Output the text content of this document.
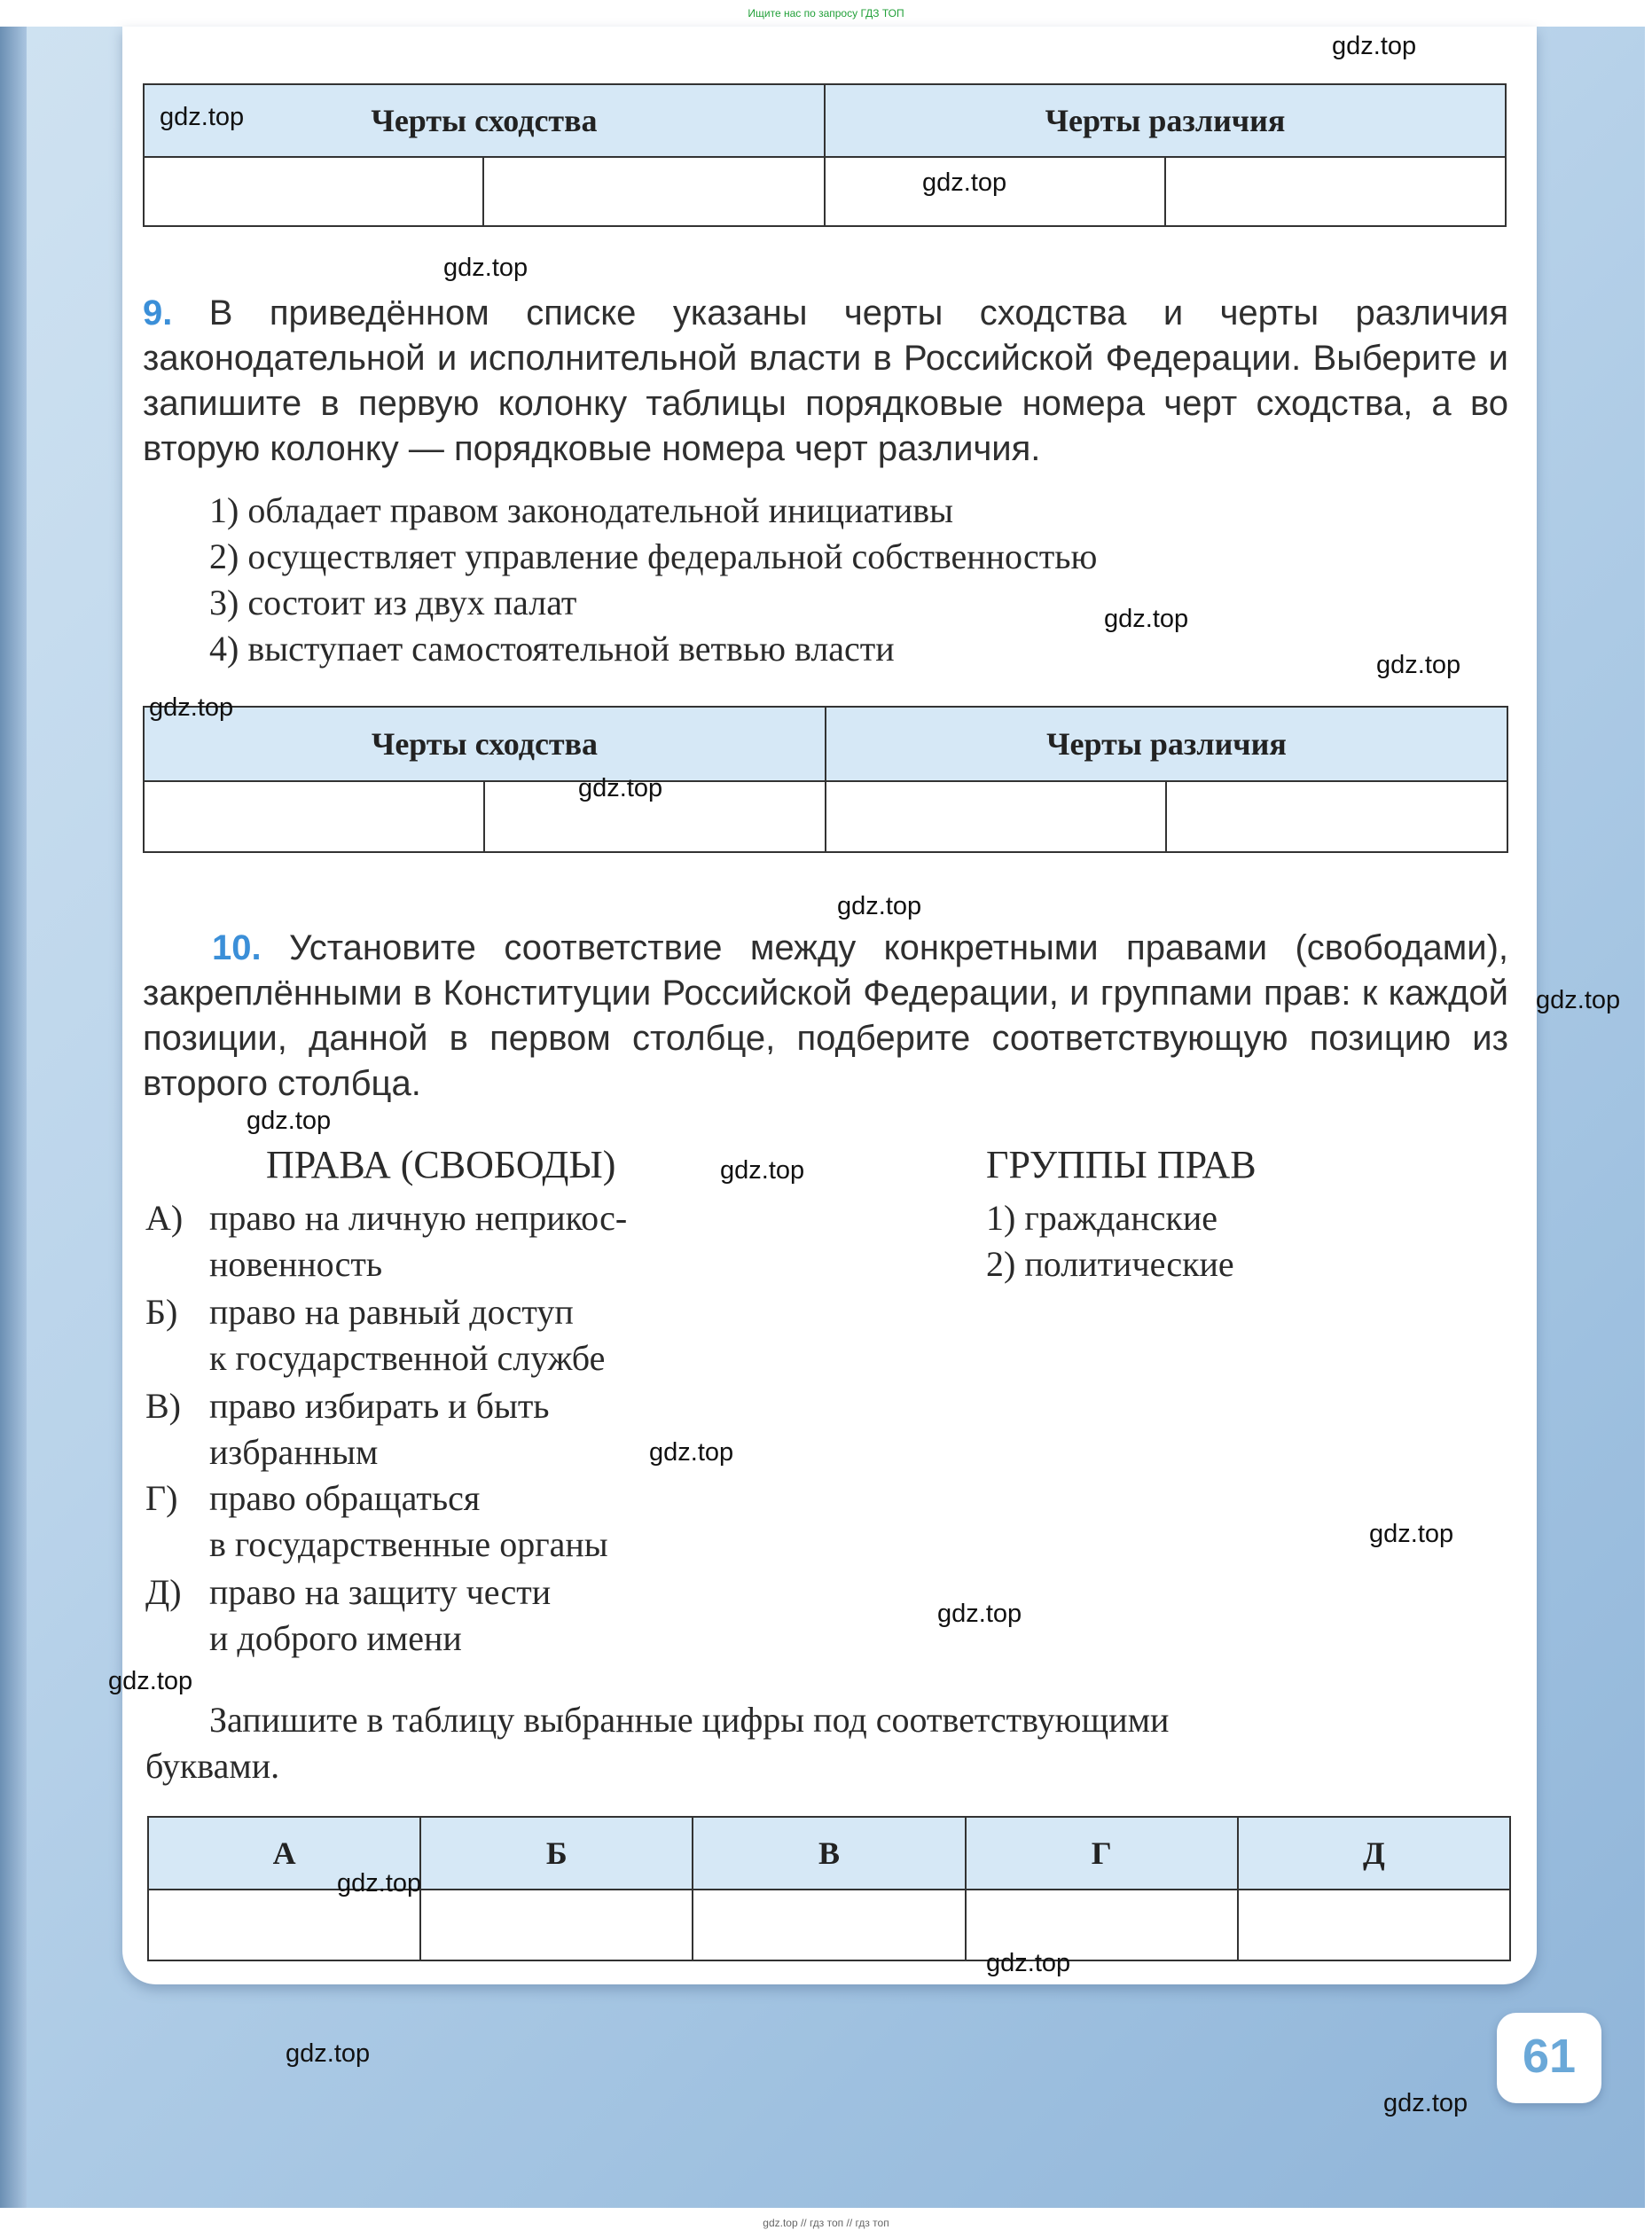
Ищите нас по запросу ГДЗ ТОП
Черты сходства		Черты различия	

9. В приведённом списке указаны черты сходства и черты различия законодательной и исполнительной власти в Российской Федерации. Выберите и запишите в первую колонку таблицы порядковые номера черт сходства, а во вторую колонку — порядковые номера черт различия.
1) обладает правом законодательной инициативы
2) осуществляет управление федеральной собственностью
3) состоит из двух палат
4) выступает самостоятельной ветвью власти
Черты сходства		Черты различия	

10. Установите соответствие между конкретными правами (свободами), закреплёнными в Конституции Российской Федерации, и группами прав: к каждой позиции, данной в первом столбце, подберите соответствующую позицию из второго столбца.
ПРАВА (СВОБОДЫ)	ГРУППЫ ПРАВ
А) право на личную неприкос-
новенность
Б) право на равный доступ
к государственной службе
В) право избирать и быть
избранным
Г) право обращаться
в государственные органы
Д) право на защиту чести
и доброго имени
1) гражданские
2) политические
Запишите в таблицу выбранные цифры под соответствующими
буквами.
А	Б	В	Г	Д

61
gdz.top
gdz.top
gdz.top
gdz.top
gdz.top
gdz.top
gdz.top
gdz.top
gdz.top
gdz.top
gdz.top
gdz.top
gdz.top
gdz.top
gdz.top
gdz.top
gdz.top
gdz.top
gdz.top
gdz.top
gdz.top // гдз топ // гдз топ
